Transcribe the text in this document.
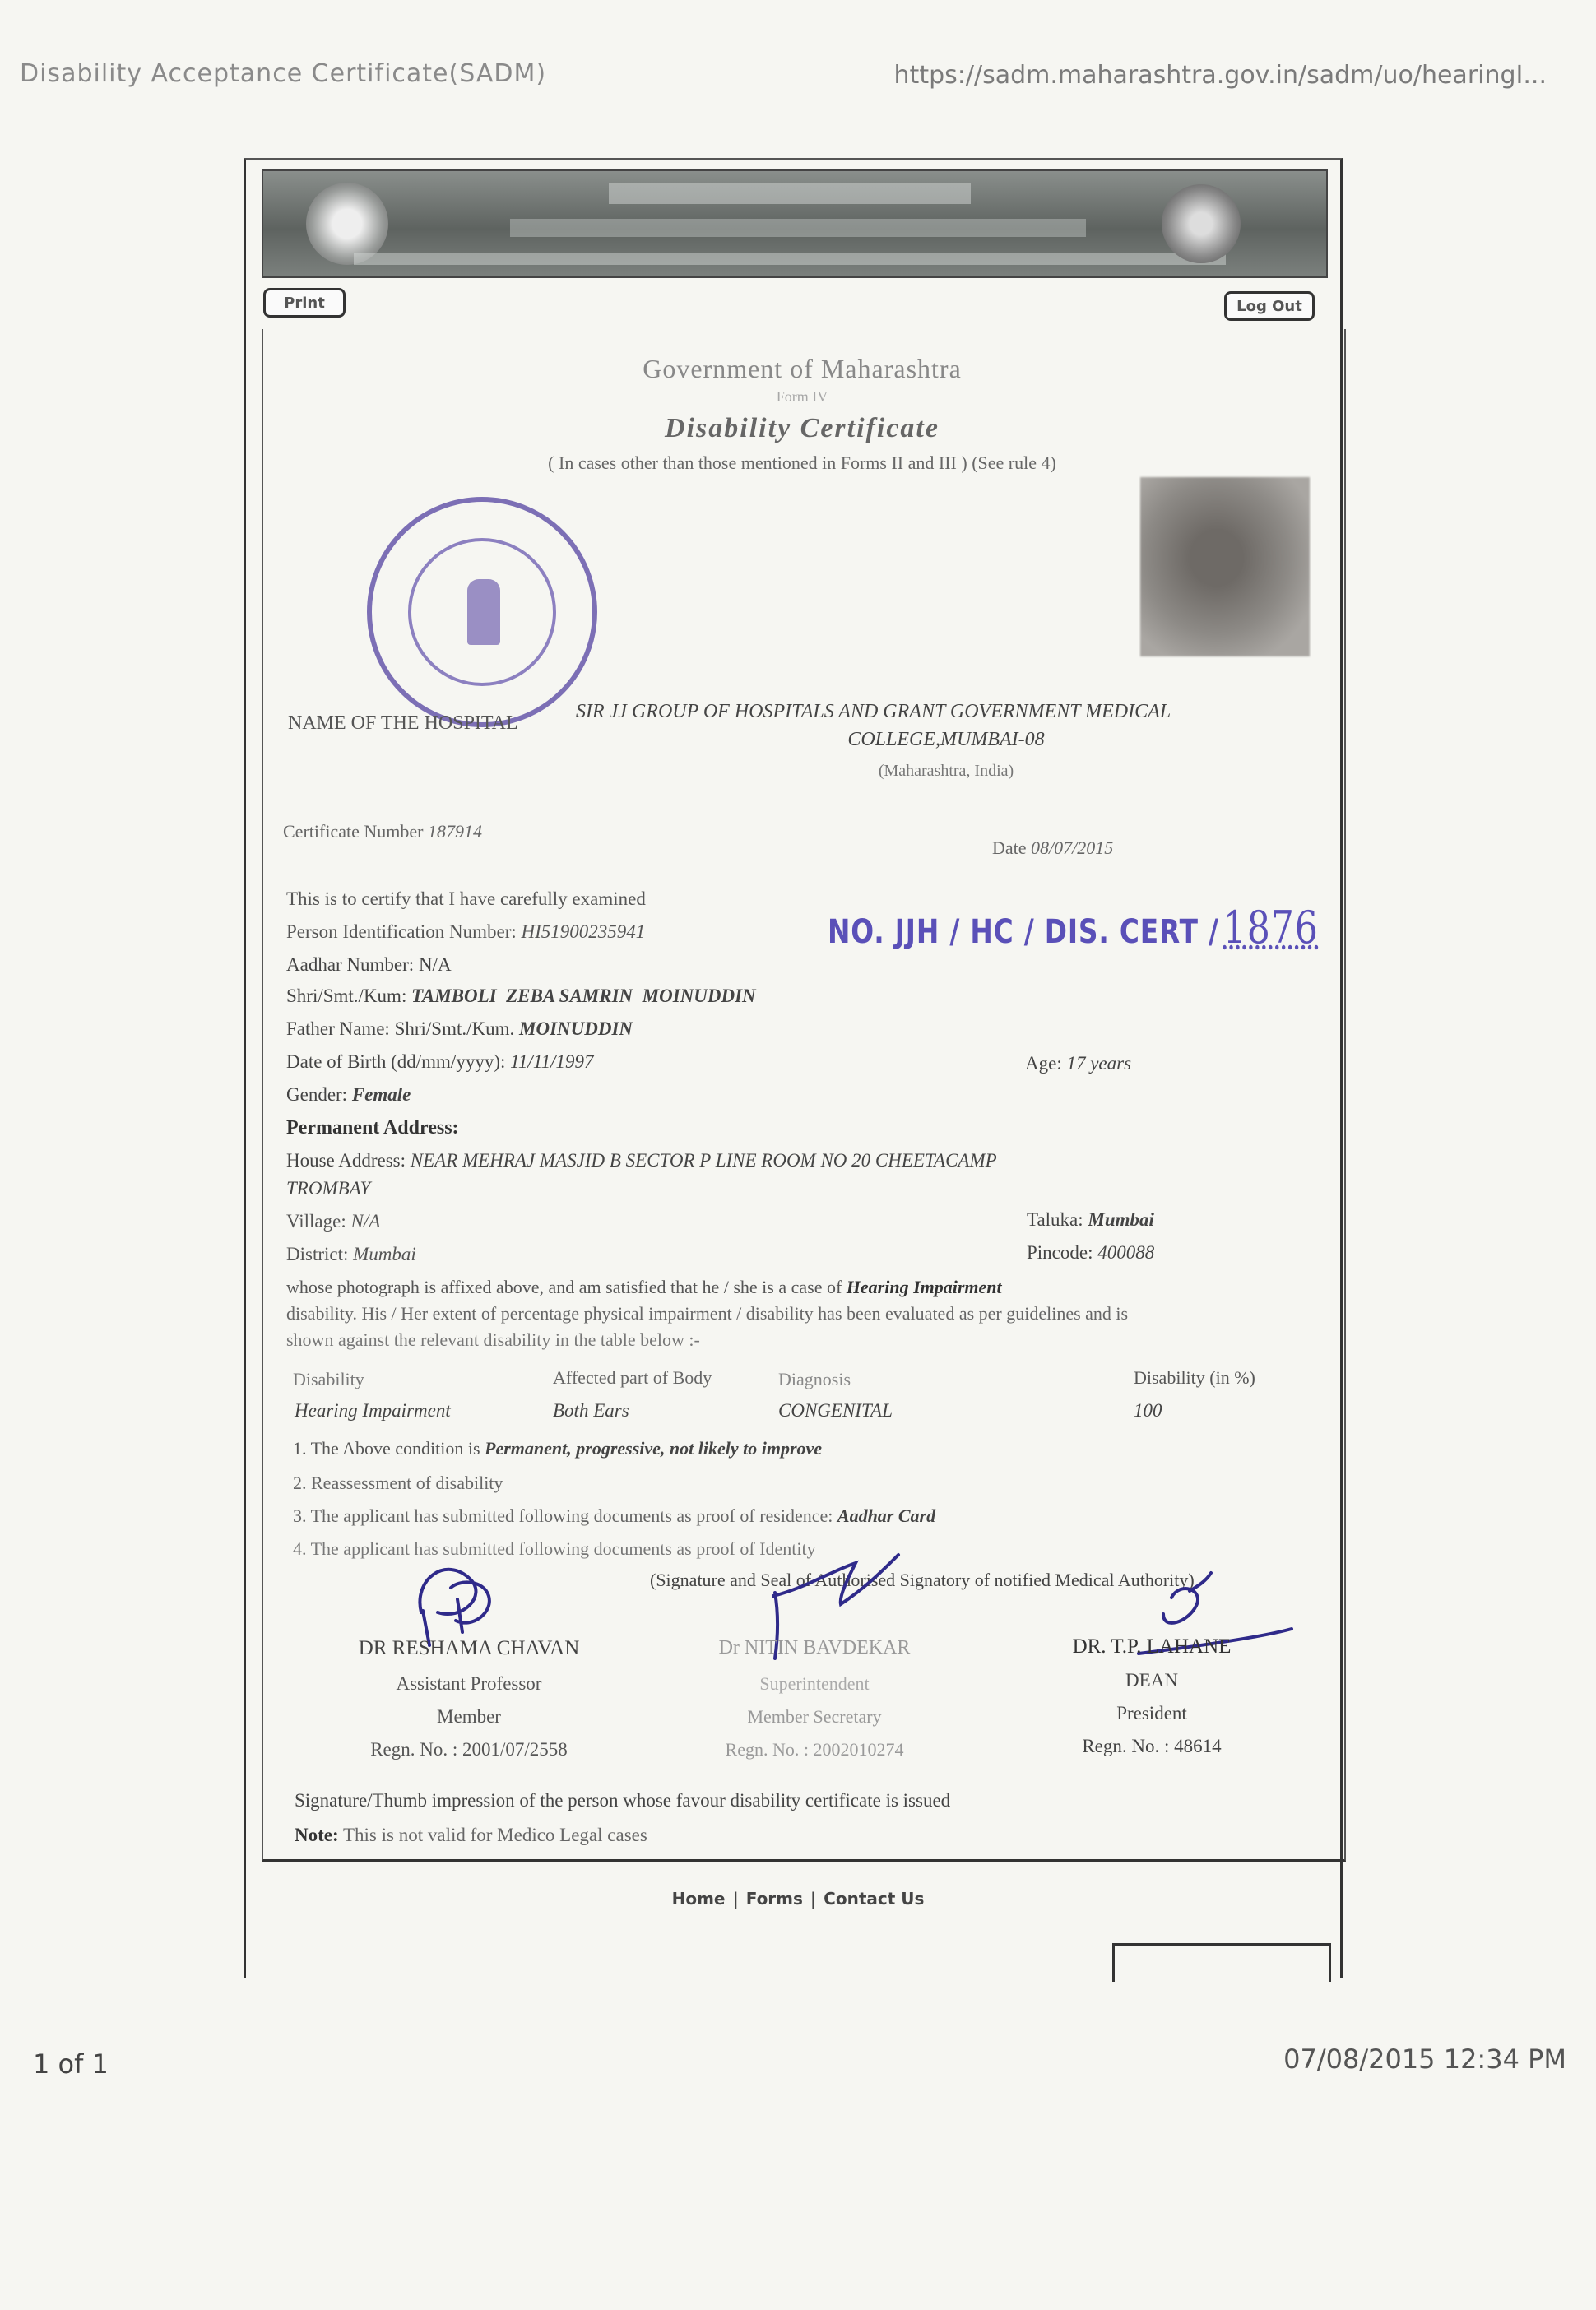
Disability Acceptance Certificate(SADM)	https://sadm.maharashtra.gov.in/sadm/uo/hearingI...
Print	Log Out
Government of Maharashtra
Form IV
Disability Certificate
( In cases other than those mentioned in Forms II and III ) (See rule 4)
NAME OF THE HOSPITAL
SIR JJ GROUP OF HOSPITALS AND GRANT GOVERNMENT MEDICAL
COLLEGE,MUMBAI-08
(Maharashtra, India)
Certificate Number 187914
Date 08/07/2015
NO. JJH / HC / DIS. CERT /1876
This is to certify that I have carefully examined
Person Identification Number: HI51900235941
Aadhar Number: N/A
Shri/Smt./Kum: TAMBOLI  ZEBA SAMRIN  MOINUDDIN
Father Name: Shri/Smt./Kum. MOINUDDIN
Date of Birth (dd/mm/yyyy): 11/11/1997	Age: 17 years
Gender: Female
Permanent Address:
House Address: NEAR MEHRAJ MASJID B SECTOR P LINE ROOM NO 20 CHEETACAMP
TROMBAY
Village: N/A	Taluka: Mumbai
District: Mumbai	Pincode: 400088
whose photograph is affixed above, and am satisfied that he / she is a case of Hearing Impairment
disability. His / Her extent of percentage physical impairment / disability has been evaluated as per guidelines and is
shown against the relevant disability in the table below :-
Disability	Affected part of Body	Diagnosis	Disability (in %)
Hearing Impairment	Both Ears	CONGENITAL	100
1. The Above condition is Permanent, progressive, not likely to improve
2. Reassessment of disability
3. The applicant has submitted following documents as proof of residence: Aadhar Card
4. The applicant has submitted following documents as proof of Identity
(Signature and Seal of Authorised Signatory of notified Medical Authority)
DR RESHAMA CHAVAN
Assistant Professor
Member
Regn. No. : 2001/07/2558
Dr NITIN BAVDEKAR
Superintendent
Member Secretary
Regn. No. : 2002010274
DR. T.P. LAHANE
DEAN
President
Regn. No. : 48614
Signature/Thumb impression of the person whose favour disability certificate is issued
Note: This is not valid for Medico Legal cases
Home | Forms | Contact Us
1 of 1	07/08/2015 12:34 PM
